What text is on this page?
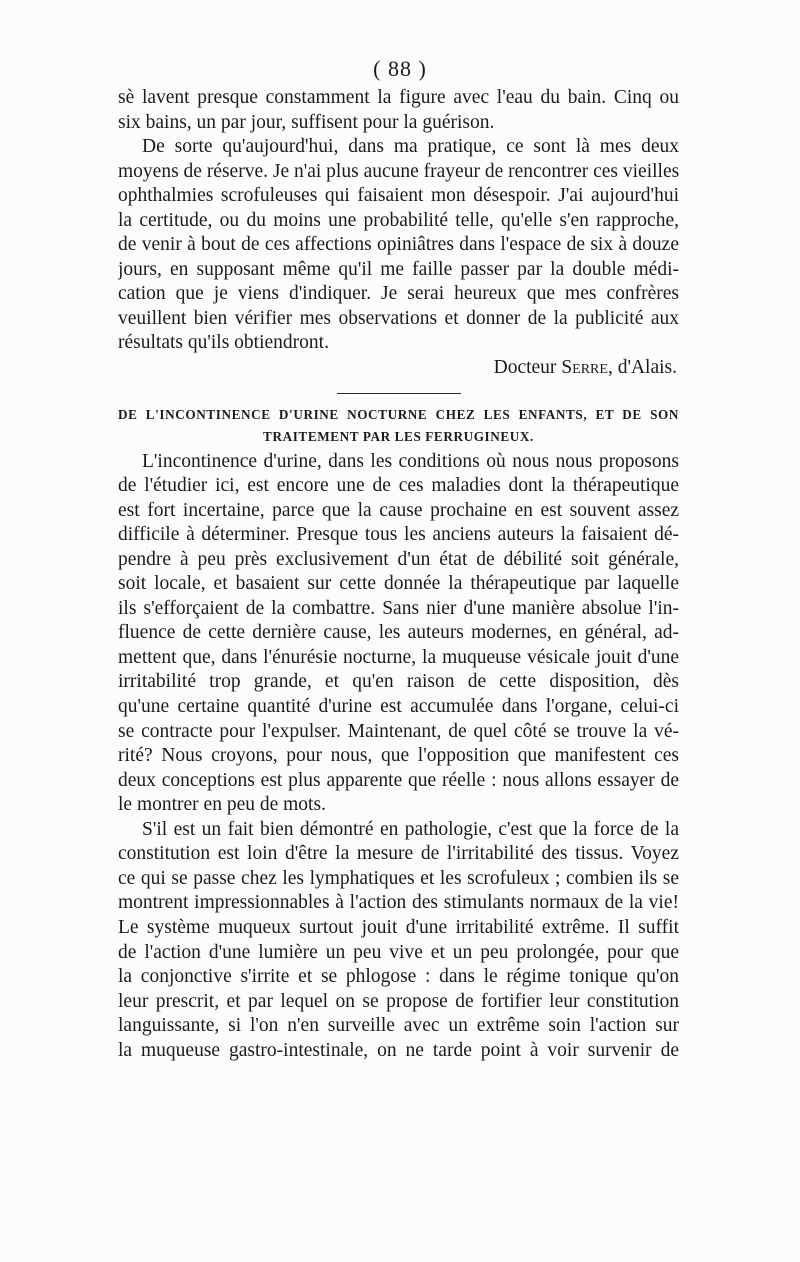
( 88 )
sè lavent presque constamment la figure avec l'eau du bain. Cinq ou
six bains, un par jour, suffisent pour la guérison.
De sorte qu'aujourd'hui, dans ma pratique, ce sont là mes deux
moyens de réserve. Je n'ai plus aucune frayeur de rencontrer ces vieilles
ophthalmies scrofuleuses qui faisaient mon désespoir. J'ai aujourd'hui
la certitude, ou du moins une probabilité telle, qu'elle s'en rapproche,
de venir à bout de ces affections opiniâtres dans l'espace de six à douze
jours, en supposant même qu'il me faille passer par la double médi-
cation que je viens d'indiquer. Je serai heureux que mes confrères
veuillent bien vérifier mes observations et donner de la publicité aux
résultats qu'ils obtiendront.
Docteur Serre, d'Alais.
DE L'INCONTINENCE D'URINE NOCTURNE CHEZ LES ENFANTS, ET DE SON
TRAITEMENT PAR LES FERRUGINEUX.
L'incontinence d'urine, dans les conditions où nous nous proposons
de l'étudier ici, est encore une de ces maladies dont la thérapeutique
est fort incertaine, parce que la cause prochaine en est souvent assez
difficile à déterminer. Presque tous les anciens auteurs la faisaient dé-
pendre à peu près exclusivement d'un état de débilité soit générale,
soit locale, et basaient sur cette donnée la thérapeutique par laquelle
ils s'efforçaient de la combattre. Sans nier d'une manière absolue l'in-
fluence de cette dernière cause, les auteurs modernes, en général, ad-
mettent que, dans l'énurésie nocturne, la muqueuse vésicale jouit d'une
irritabilité trop grande, et qu'en raison de cette disposition, dès
qu'une certaine quantité d'urine est accumulée dans l'organe, celui-ci
se contracte pour l'expulser. Maintenant, de quel côté se trouve la vé-
rité? Nous croyons, pour nous, que l'opposition que manifestent ces
deux conceptions est plus apparente que réelle : nous allons essayer de
le montrer en peu de mots.
S'il est un fait bien démontré en pathologie, c'est que la force de la
constitution est loin d'être la mesure de l'irritabilité des tissus. Voyez
ce qui se passe chez les lymphatiques et les scrofuleux ; combien ils se
montrent impressionnables à l'action des stimulants normaux de la vie!
Le système muqueux surtout jouit d'une irritabilité extrême. Il suffit
de l'action d'une lumière un peu vive et un peu prolongée, pour que
la conjonctive s'irrite et se phlogose : dans le régime tonique qu'on
leur prescrit, et par lequel on se propose de fortifier leur constitution
languissante, si l'on n'en surveille avec un extrême soin l'action sur
la muqueuse gastro-intestinale, on ne tarde point à voir survenir de
